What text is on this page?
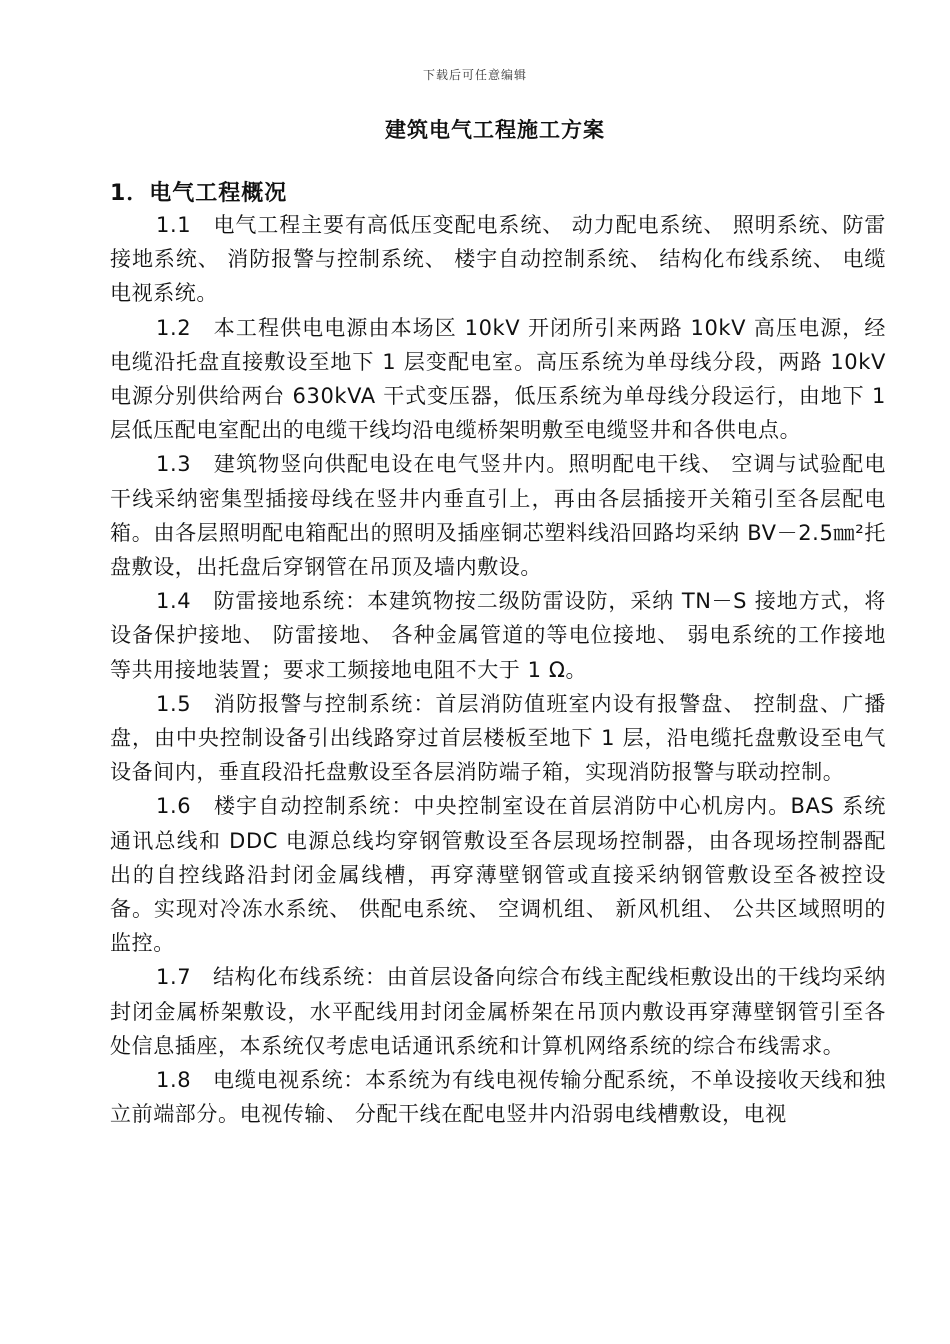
下载后可任意编辑
建筑电气工程施工方案
1．电气工程概况

1.1　电气工程主要有高低压变配电系统、 动力配电系统、 照明系统、防雷接地系统、 消防报警与控制系统、 楼宇自动控制系统、 结构化布线系统、 电缆电视系统。

1.2　本工程供电电源由本场区 10kV 开闭所引来两路 10kV 高压电源，经电缆沿托盘直接敷设至地下 1 层变配电室。高压系统为单母线分段，两路 10kV 电源分别供给两台 630kVA 干式变压器，低压系统为单母线分段运行，由地下 1 层低压配电室配出的电缆干线均沿电缆桥架明敷至电缆竖井和各供电点。

1.3　建筑物竖向供配电设在电气竖井内。照明配电干线、 空调与试验配电干线采纳密集型插接母线在竖井内垂直引上，再由各层插接开关箱引至各层配电箱。由各层照明配电箱配出的照明及插座铜芯塑料线沿回路均采纳 BV－2.5㎜²托盘敷设，出托盘后穿钢管在吊顶及墙内敷设。

1.4　防雷接地系统：本建筑物按二级防雷设防，采纳 TN－S 接地方式，将设备保护接地、 防雷接地、 各种金属管道的等电位接地、 弱电系统的工作接地等共用接地装置；要求工频接地电阻不大于 1 Ω。

1.5　消防报警与控制系统：首层消防值班室内设有报警盘、 控制盘、广播盘，由中央控制设备引出线路穿过首层楼板至地下 1 层，沿电缆托盘敷设至电气设备间内，垂直段沿托盘敷设至各层消防端子箱，实现消防报警与联动控制。

1.6　楼宇自动控制系统：中央控制室设在首层消防中心机房内。BAS 系统通讯总线和 DDC 电源总线均穿钢管敷设至各层现场控制器，由各现场控制器配出的自控线路沿封闭金属线槽，再穿薄壁钢管或直接采纳钢管敷设至各被控设备。实现对冷冻水系统、 供配电系统、 空调机组、 新风机组、 公共区域照明的监控。

1.7　结构化布线系统：由首层设备向综合布线主配线柜敷设出的干线均采纳封闭金属桥架敷设，水平配线用封闭金属桥架在吊顶内敷设再穿薄壁钢管引至各处信息插座，本系统仅考虑电话通讯系统和计算机网络系统的综合布线需求。

1.8　电缆电视系统：本系统为有线电视传输分配系统，不单设接收天线和独立前端部分。电视传输、 分配干线在配电竖井内沿弱电线槽敷设，电视
